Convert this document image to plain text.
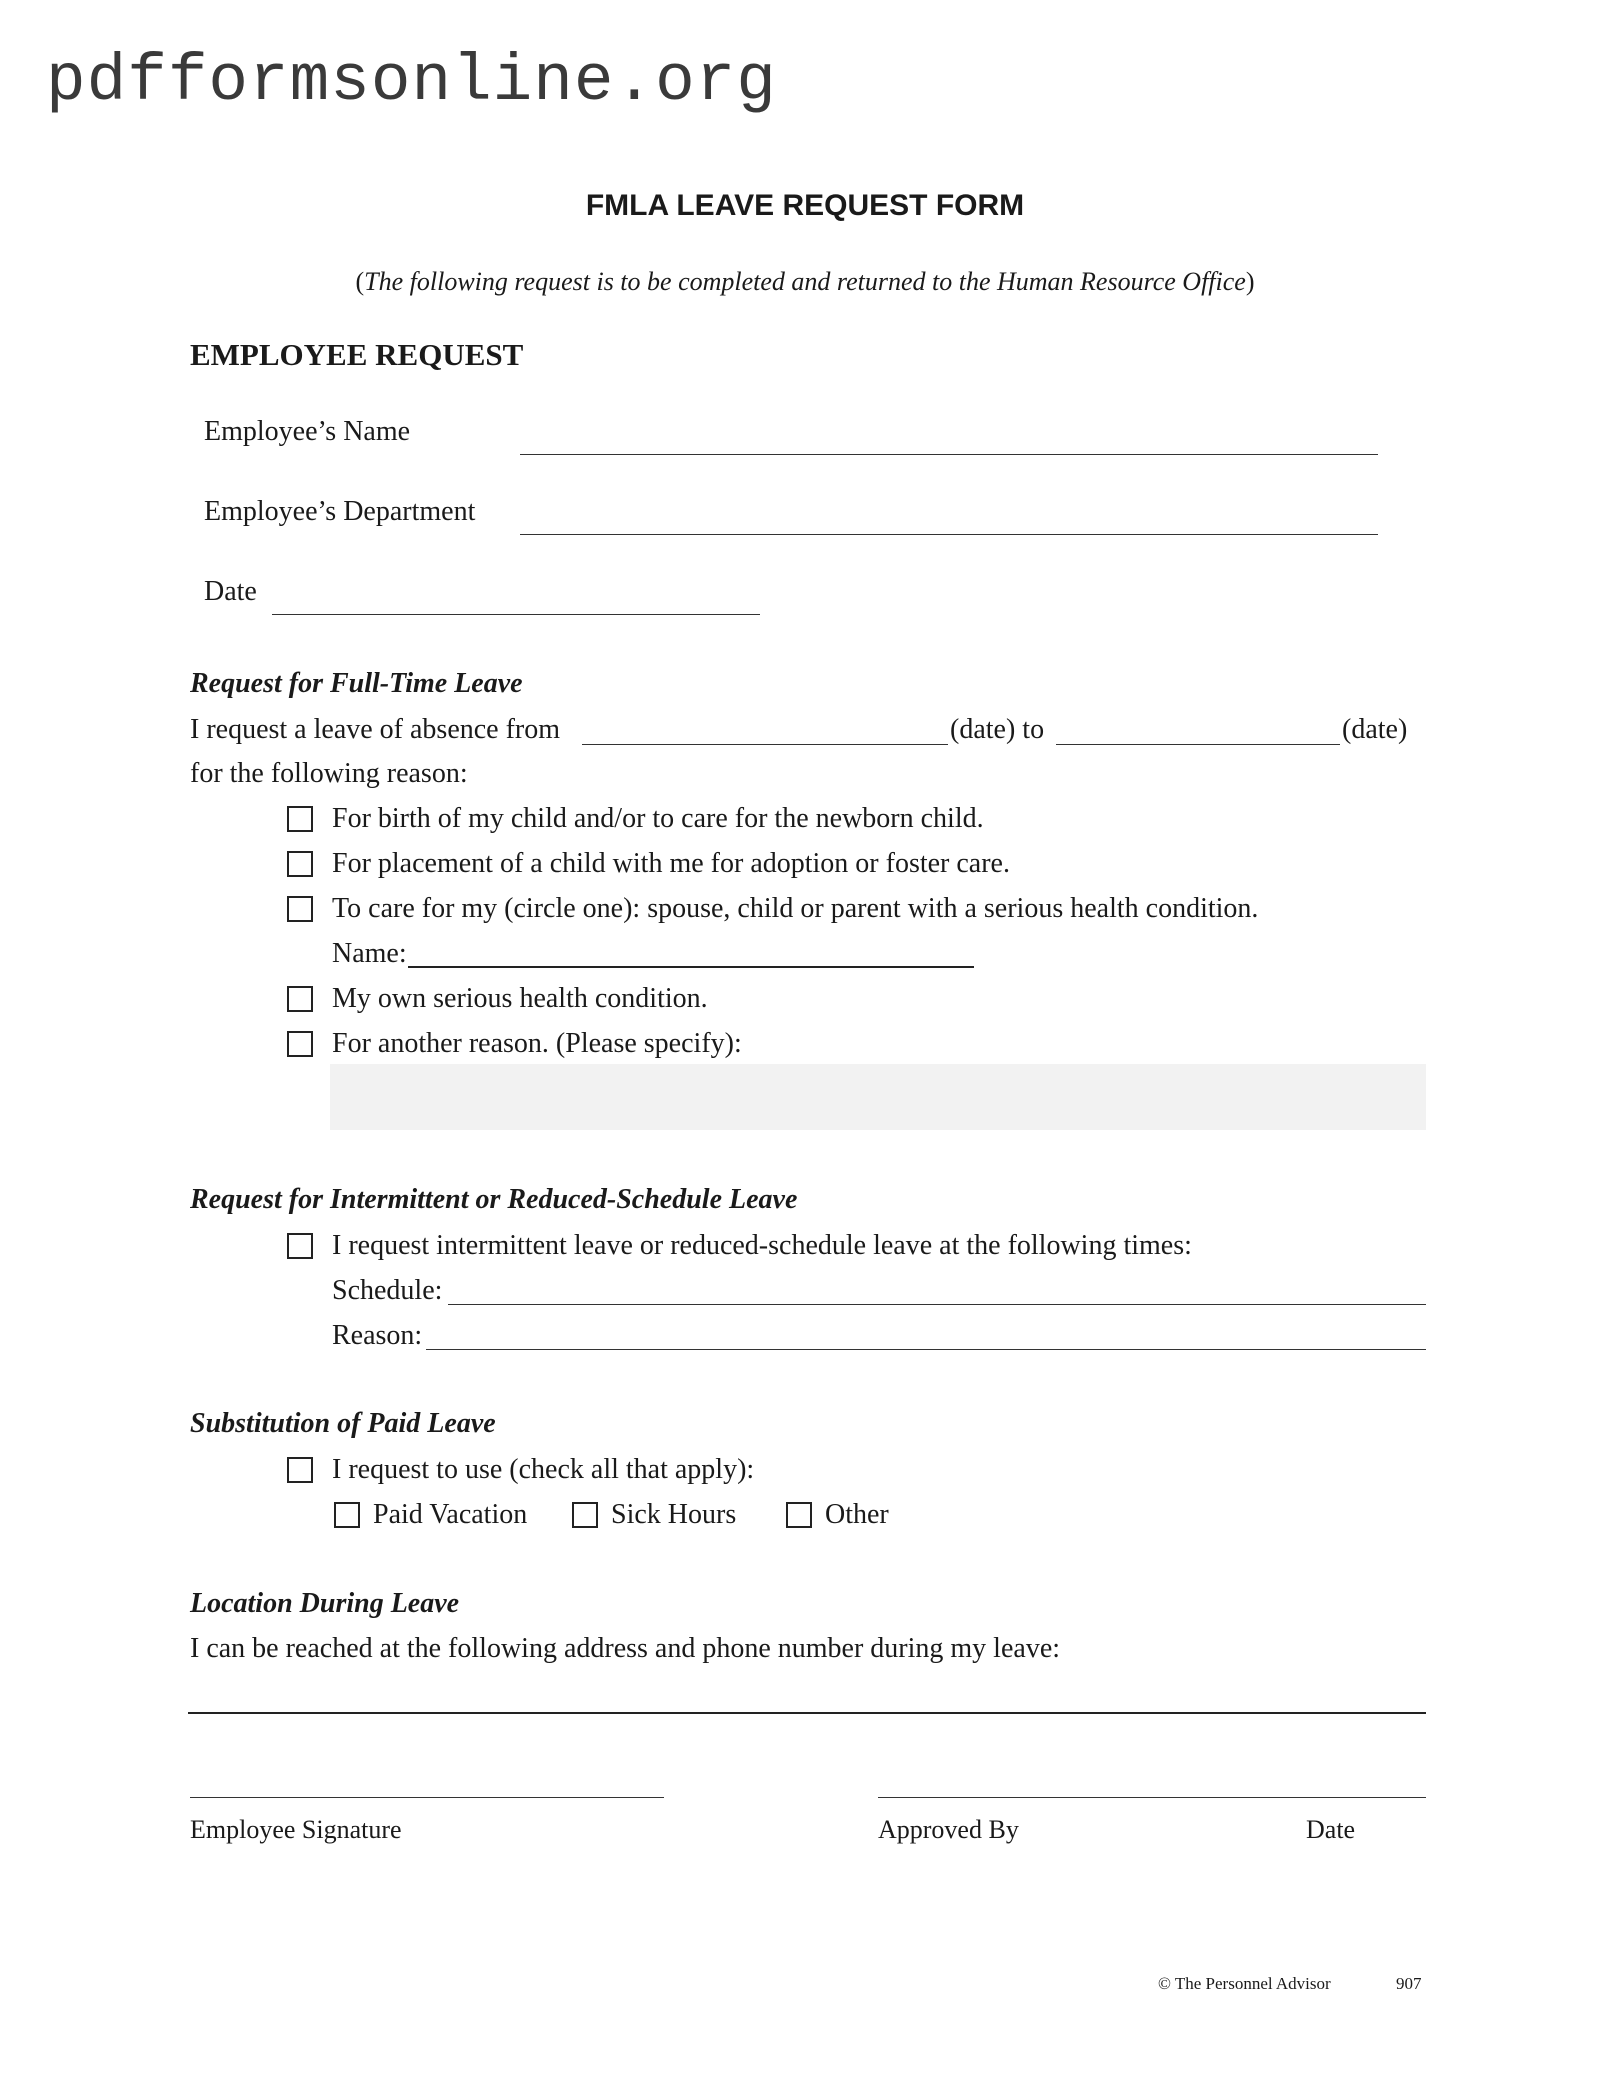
pdfformsonline.org
FMLA LEAVE REQUEST FORM
(The following request is to be completed and returned to the Human Resource Office)
EMPLOYEE REQUEST
Employee’s Name
Employee’s Department
Date
Request for Full-Time Leave
I request a leave of absence from	(date) to	(date)
for the following reason:
For birth of my child and/or to care for the newborn child.
For placement of a child with me for adoption or foster care.
To care for my (circle one): spouse, child or parent with a serious health condition.
Name:
My own serious health condition.
For another reason. (Please specify):
Request for Intermittent or Reduced-Schedule Leave
I request intermittent leave or reduced-schedule leave at the following times:
Schedule:
Reason:
Substitution of Paid Leave
I request to use (check all that apply):
Paid Vacation	Sick Hours	Other
Location During Leave
I can be reached at the following address and phone number during my leave:
Employee Signature	Approved By	Date
© The Personnel Advisor	907
